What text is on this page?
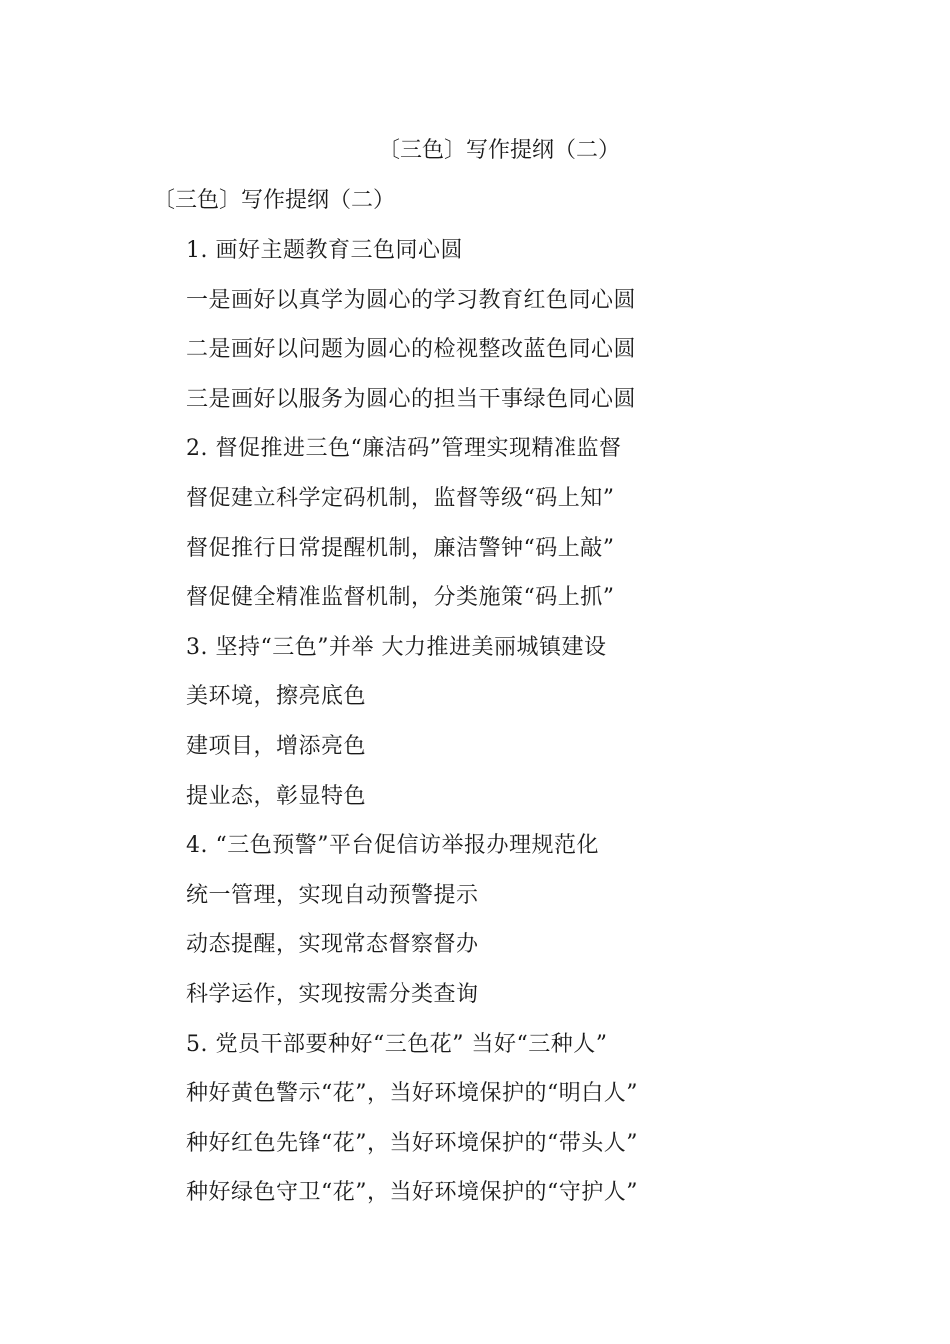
〔三色〕写作提纲（二）
〔三色〕写作提纲（二）
1. 画好主题教育三色同心圆
一是画好以真学为圆心的学习教育红色同心圆
二是画好以问题为圆心的检视整改蓝色同心圆
三是画好以服务为圆心的担当干事绿色同心圆
2. 督促推进三色“廉洁码”管理实现精准监督
督促建立科学定码机制，监督等级“码上知”
督促推行日常提醒机制，廉洁警钟“码上敲”
督促健全精准监督机制，分类施策“码上抓”
3. 坚持“三色”并举 大力推进美丽城镇建设
美环境，擦亮底色
建项目，增添亮色
提业态，彰显特色
4. “三色预警”平台促信访举报办理规范化
统一管理，实现自动预警提示
动态提醒，实现常态督察督办
科学运作，实现按需分类查询
5. 党员干部要种好“三色花” 当好“三种人”
种好黄色警示“花”，当好环境保护的“明白人”
种好红色先锋“花”，当好环境保护的“带头人”
种好绿色守卫“花”，当好环境保护的“守护人”
